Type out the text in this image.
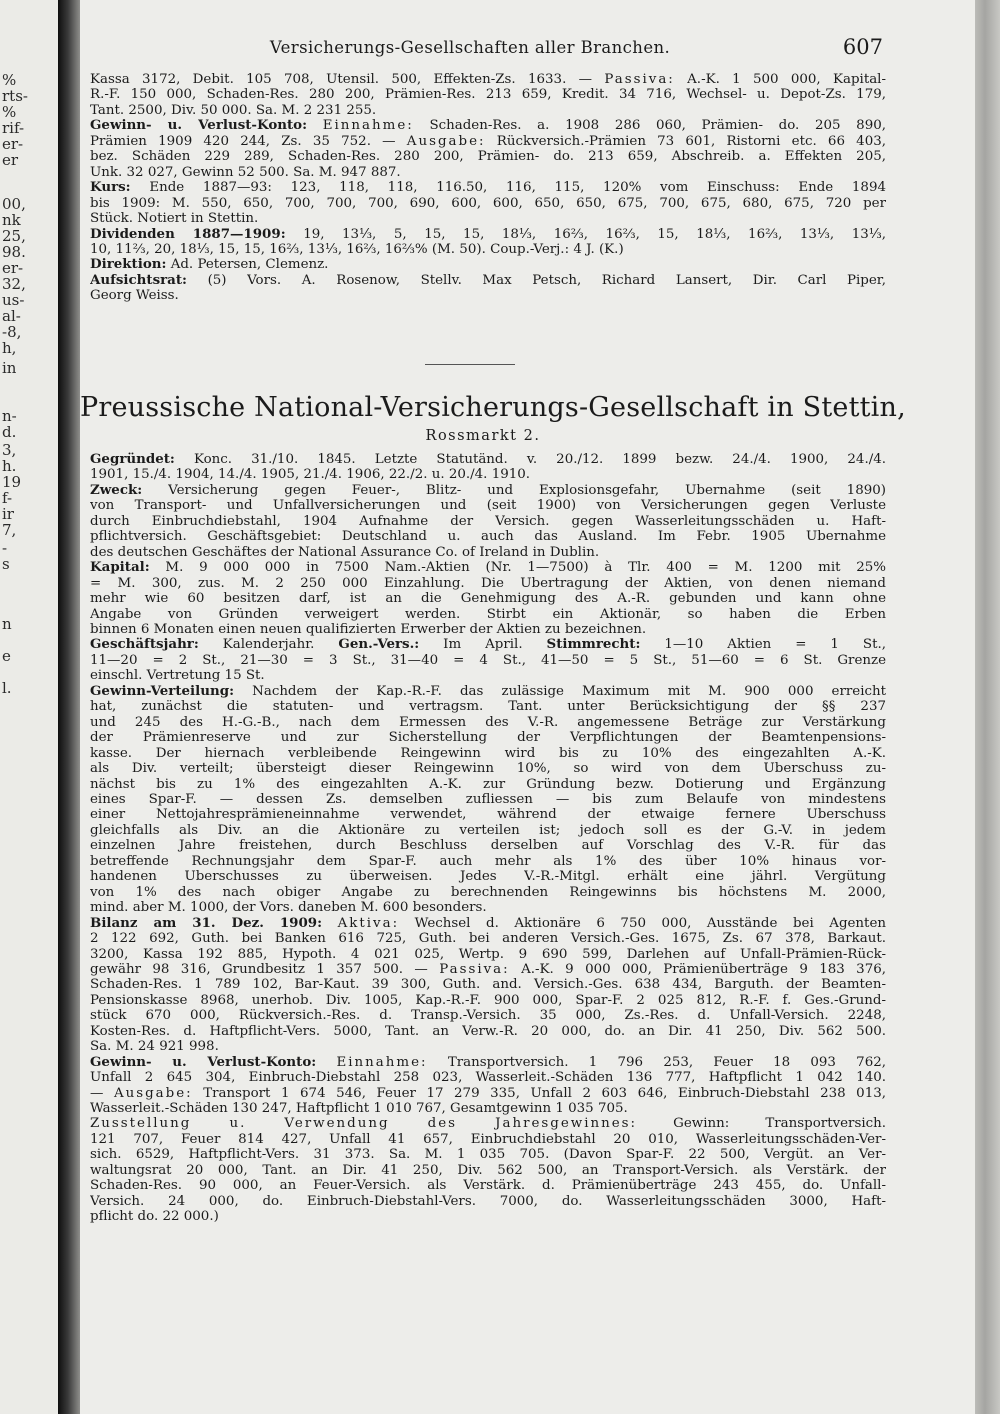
%
rts-
%
rif-
er-
er
00,
nk
25,
98.
er-
32,
us-
al-
-8,
h,
in
n-
d.
3,
h.
19
f-
ir
7,
-
s
n
e
l.
Versicherungs-Gesellschaften aller Branchen.	607
Kassa 3172, Debit. 105 708, Utensil. 500, Effekten-Zs. 1633. — Passiva: A.-K. 1 500 000, Kapital-
R.-F. 150 000, Schaden-Res. 280 200, Prämien-Res. 213 659, Kredit. 34 716, Wechsel- u. Depot-Zs. 179,
Tant. 2500, Div. 50 000. Sa. M. 2 231 255.
Gewinn- u. Verlust-Konto: Einnahme: Schaden-Res. a. 1908 286 060, Prämien- do. 205 890,
Prämien 1909 420 244, Zs. 35 752. — Ausgabe: Rückversich.-Prämien 73 601, Ristorni etc. 66 403,
bez. Schäden 229 289, Schaden-Res. 280 200, Prämien- do. 213 659, Abschreib. a. Effekten 205,
Unk. 32 027, Gewinn 52 500. Sa. M. 947 887.
Kurs: Ende 1887—93: 123, 118, 118, 116.50, 116, 115, 120% vom Einschuss: Ende 1894
bis 1909: M. 550, 650, 700, 700, 700, 690, 600, 600, 650, 650, 675, 700, 675, 680, 675, 720 per
Stück. Notiert in Stettin.
Dividenden 1887—1909: 19, 13⅓, 5, 15, 15, 18⅓, 16⅔, 16⅔, 15, 18⅓, 16⅔, 13⅓, 13⅓,
10, 11⅔, 20, 18⅓, 15, 15, 16⅔, 13⅓, 16⅔, 16⅔% (M. 50). Coup.-Verj.: 4 J. (K.)
Direktion: Ad. Petersen, Clemenz.
Aufsichtsrat: (5) Vors. A. Rosenow, Stellv. Max Petsch, Richard Lansert, Dir. Carl Piper,
Georg Weiss.
Preussische National-Versicherungs-Gesellschaft in Stettin,
Rossmarkt 2.
Gegründet: Konc. 31./10. 1845. Letzte Statutänd. v. 20./12. 1899 bezw. 24./4. 1900, 24./4.
1901, 15./4. 1904, 14./4. 1905, 21./4. 1906, 22./2. u. 20./4. 1910.
Zweck: Versicherung gegen Feuer-, Blitz- und Explosionsgefahr, Übernahme (seit 1890)
von Transport- und Unfallversicherungen und (seit 1900) von Versicherungen gegen Verluste
durch Einbruchdiebstahl, 1904 Aufnahme der Versich. gegen Wasserleitungsschäden u. Haft-
pflichtversich. Geschäftsgebiet: Deutschland u. auch das Ausland. Im Febr. 1905 Übernahme
des deutschen Geschäftes der National Assurance Co. of Ireland in Dublin.
Kapital: M. 9 000 000 in 7500 Nam.-Aktien (Nr. 1—7500) à Tlr. 400 = M. 1200 mit 25%
= M. 300, zus. M. 2 250 000 Einzahlung. Die Übertragung der Aktien, von denen niemand
mehr wie 60 besitzen darf, ist an die Genehmigung des A.-R. gebunden und kann ohne
Angabe von Gründen verweigert werden. Stirbt ein Aktionär, so haben die Erben
binnen 6 Monaten einen neuen qualifizierten Erwerber der Aktien zu bezeichnen.
Geschäftsjahr: Kalenderjahr. Gen.-Vers.: Im April. Stimmrecht: 1—10 Aktien = 1 St.,
11—20 = 2 St., 21—30 = 3 St., 31—40 = 4 St., 41—50 = 5 St., 51—60 = 6 St. Grenze
einschl. Vertretung 15 St.
Gewinn-Verteilung: Nachdem der Kap.-R.-F. das zulässige Maximum mit M. 900 000 erreicht
hat, zunächst die statuten- und vertragsm. Tant. unter Berücksichtigung der §§ 237
und 245 des H.-G.-B., nach dem Ermessen des V.-R. angemessene Beträge zur Verstärkung
der Prämienreserve und zur Sicherstellung der Verpflichtungen der Beamtenpensions-
kasse. Der hiernach verbleibende Reingewinn wird bis zu 10% des eingezahlten A.-K.
als Div. verteilt; übersteigt dieser Reingewinn 10%, so wird von dem Überschuss zu-
nächst bis zu 1% des eingezahlten A.-K. zur Gründung bezw. Dotierung und Ergänzung
eines Spar-F. — dessen Zs. demselben zufliessen — bis zum Belaufe von mindestens
einer Nettojahresprämieneinnahme verwendet, während der etwaige fernere Überschuss
gleichfalls als Div. an die Aktionäre zu verteilen ist; jedoch soll es der G.-V. in jedem
einzelnen Jahre freistehen, durch Beschluss derselben auf Vorschlag des V.-R. für das
betreffende Rechnungsjahr dem Spar-F. auch mehr als 1% des über 10% hinaus vor-
handenen Überschusses zu überweisen. Jedes V.-R.-Mitgl. erhält eine jährl. Vergütung
von 1% des nach obiger Angabe zu berechnenden Reingewinns bis höchstens M. 2000,
mind. aber M. 1000, der Vors. daneben M. 600 besonders.
Bilanz am 31. Dez. 1909: Aktiva: Wechsel d. Aktionäre 6 750 000, Ausstände bei Agenten
2 122 692, Guth. bei Banken 616 725, Guth. bei anderen Versich.-Ges. 1675, Zs. 67 378, Barkaut.
3200, Kassa 192 885, Hypoth. 4 021 025, Wertp. 9 690 599, Darlehen auf Unfall-Prämien-Rück-
gewähr 98 316, Grundbesitz 1 357 500. — Passiva: A.-K. 9 000 000, Prämienüberträge 9 183 376,
Schaden-Res. 1 789 102, Bar-Kaut. 39 300, Guth. and. Versich.-Ges. 638 434, Barguth. der Beamten-
Pensionskasse 8968, unerhob. Div. 1005, Kap.-R.-F. 900 000, Spar-F. 2 025 812, R.-F. f. Ges.-Grund-
stück 670 000, Rückversich.-Res. d. Transp.-Versich. 35 000, Zs.-Res. d. Unfall-Versich. 2248,
Kosten-Res. d. Haftpflicht-Vers. 5000, Tant. an Verw.-R. 20 000, do. an Dir. 41 250, Div. 562 500.
Sa. M. 24 921 998.
Gewinn- u. Verlust-Konto: Einnahme: Transportversich. 1 796 253, Feuer 18 093 762,
Unfall 2 645 304, Einbruch-Diebstahl 258 023, Wasserleit.-Schäden 136 777, Haftpflicht 1 042 140.
— Ausgabe: Transport 1 674 546, Feuer 17 279 335, Unfall 2 603 646, Einbruch-Diebstahl 238 013,
Wasserleit.-Schäden 130 247, Haftpflicht 1 010 767, Gesamtgewinn 1 035 705.
Zusstellung u. Verwendung des Jahresgewinnes: Gewinn: Transportversich.
121 707, Feuer 814 427, Unfall 41 657, Einbruchdiebstahl 20 010, Wasserleitungsschäden-Ver-
sich. 6529, Haftpflicht-Vers. 31 373. Sa. M. 1 035 705. (Davon Spar-F. 22 500, Vergüt. an Ver-
waltungsrat 20 000, Tant. an Dir. 41 250, Div. 562 500, an Transport-Versich. als Verstärk. der
Schaden-Res. 90 000, an Feuer-Versich. als Verstärk. d. Prämienüberträge 243 455, do. Unfall-
Versich. 24 000, do. Einbruch-Diebstahl-Vers. 7000, do. Wasserleitungsschäden 3000, Haft-
pflicht do. 22 000.)
